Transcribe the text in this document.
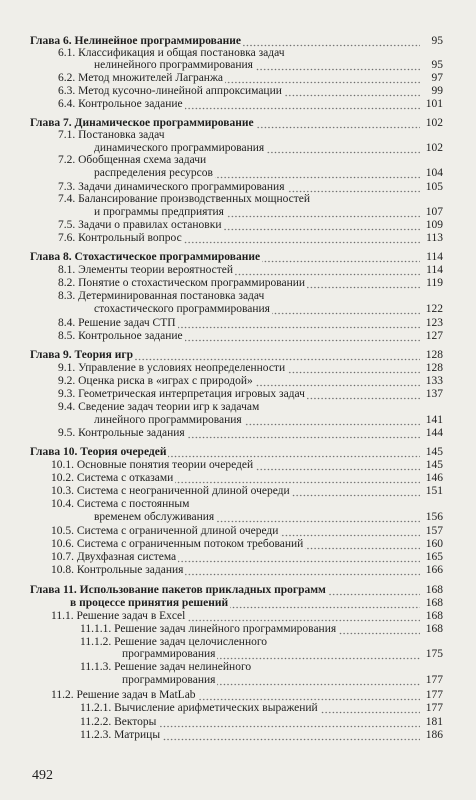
Глава 6. Нелинейное программирование	95
6.1. Классификация и общая постановка задач
нелинейного программирования	95
6.2. Метод множителей Лагранжа	97
6.3. Метод кусочно-линейной аппроксимации	99
6.4. Контрольное задание	101
Глава 7. Динамическое программирование	102
7.1. Постановка задач
динамического программирования	102
7.2. Обобщенная схема задачи
распределения ресурсов	104
7.3. Задачи динамического программирования	105
7.4. Балансирование производственных мощностей
и программы предприятия	107
7.5. Задачи о правилах остановки	109
7.6. Контрольный вопрос	113
Глава 8. Стохастическое программирование	114
8.1. Элементы теории вероятностей	114
8.2. Понятие о стохастическом программировании	119
8.3. Детерминированная постановка задач
стохастического программирования	122
8.4. Решение задач СТП	123
8.5. Контрольное задание	127
Глава 9. Теория игр	128
9.1. Управление в условиях неопределенности	128
9.2. Оценка риска в «играх с природой»	133
9.3. Геометрическая интерпретация игровых задач	137
9.4. Сведение задач теории игр к задачам
линейного программирования	141
9.5. Контрольные задания	144
Глава 10. Теория очередей	145
10.1. Основные понятия теории очередей	145
10.2. Система с отказами	146
10.3. Система с неограниченной длиной очереди	151
10.4. Система с постоянным
временем обслуживания	156
10.5. Система с ограниченной длиной очереди	157
10.6. Система с ограниченным потоком требований	160
10.7. Двухфазная система	165
10.8. Контрольные задания	166
Глава 11. Использование пакетов прикладных программ	168
в процессе принятия решений	168
11.1. Решение задач в Excel	168
11.1.1. Решение задач линейного программирования	168
11.1.2. Решение задач целочисленного
программирования	175
11.1.3. Решение задач нелинейного
программирования	177
11.2. Решение задач в MatLab	177
11.2.1. Вычисление арифметических выражений	177
11.2.2. Векторы	181
11.2.3. Матрицы	186
492
